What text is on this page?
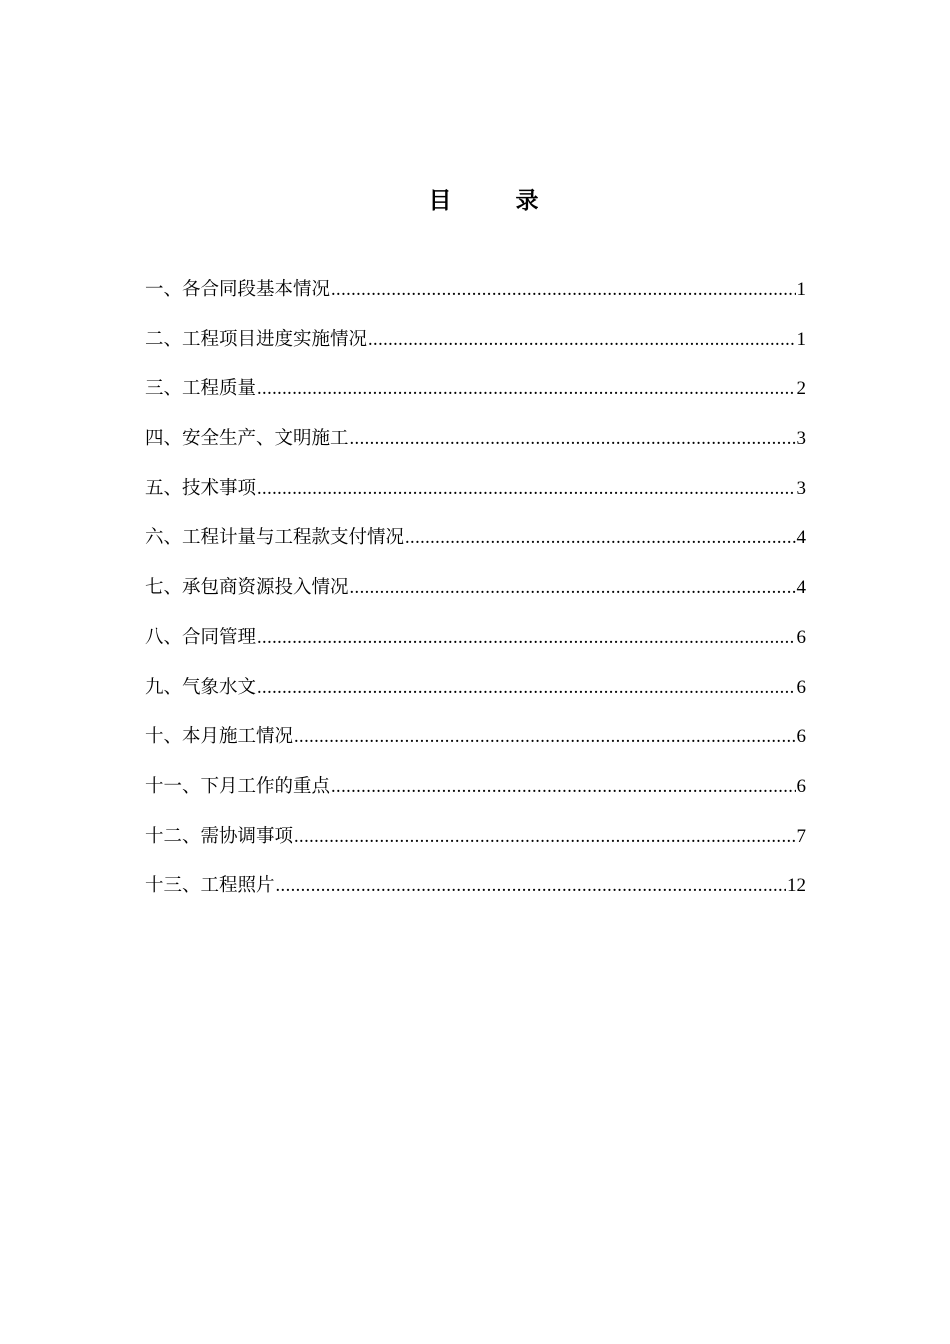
目 录
一、各合同段基本情况 .....	1
二、工程项目进度实施情况 .....	1
三、工程质量 .....	2
四、安全生产、文明施工 .....	3
五、技术事项 .....	3
六、工程计量与工程款支付情况 .....	4
七、承包商资源投入情况 .....	4
八、合同管理 .....	6
九、气象水文 .....	6
十、本月施工情况 .....	6
十一、下月工作的重点 .....	6
十二、需协调事项 .....	7
十三、工程照片 .....	12
